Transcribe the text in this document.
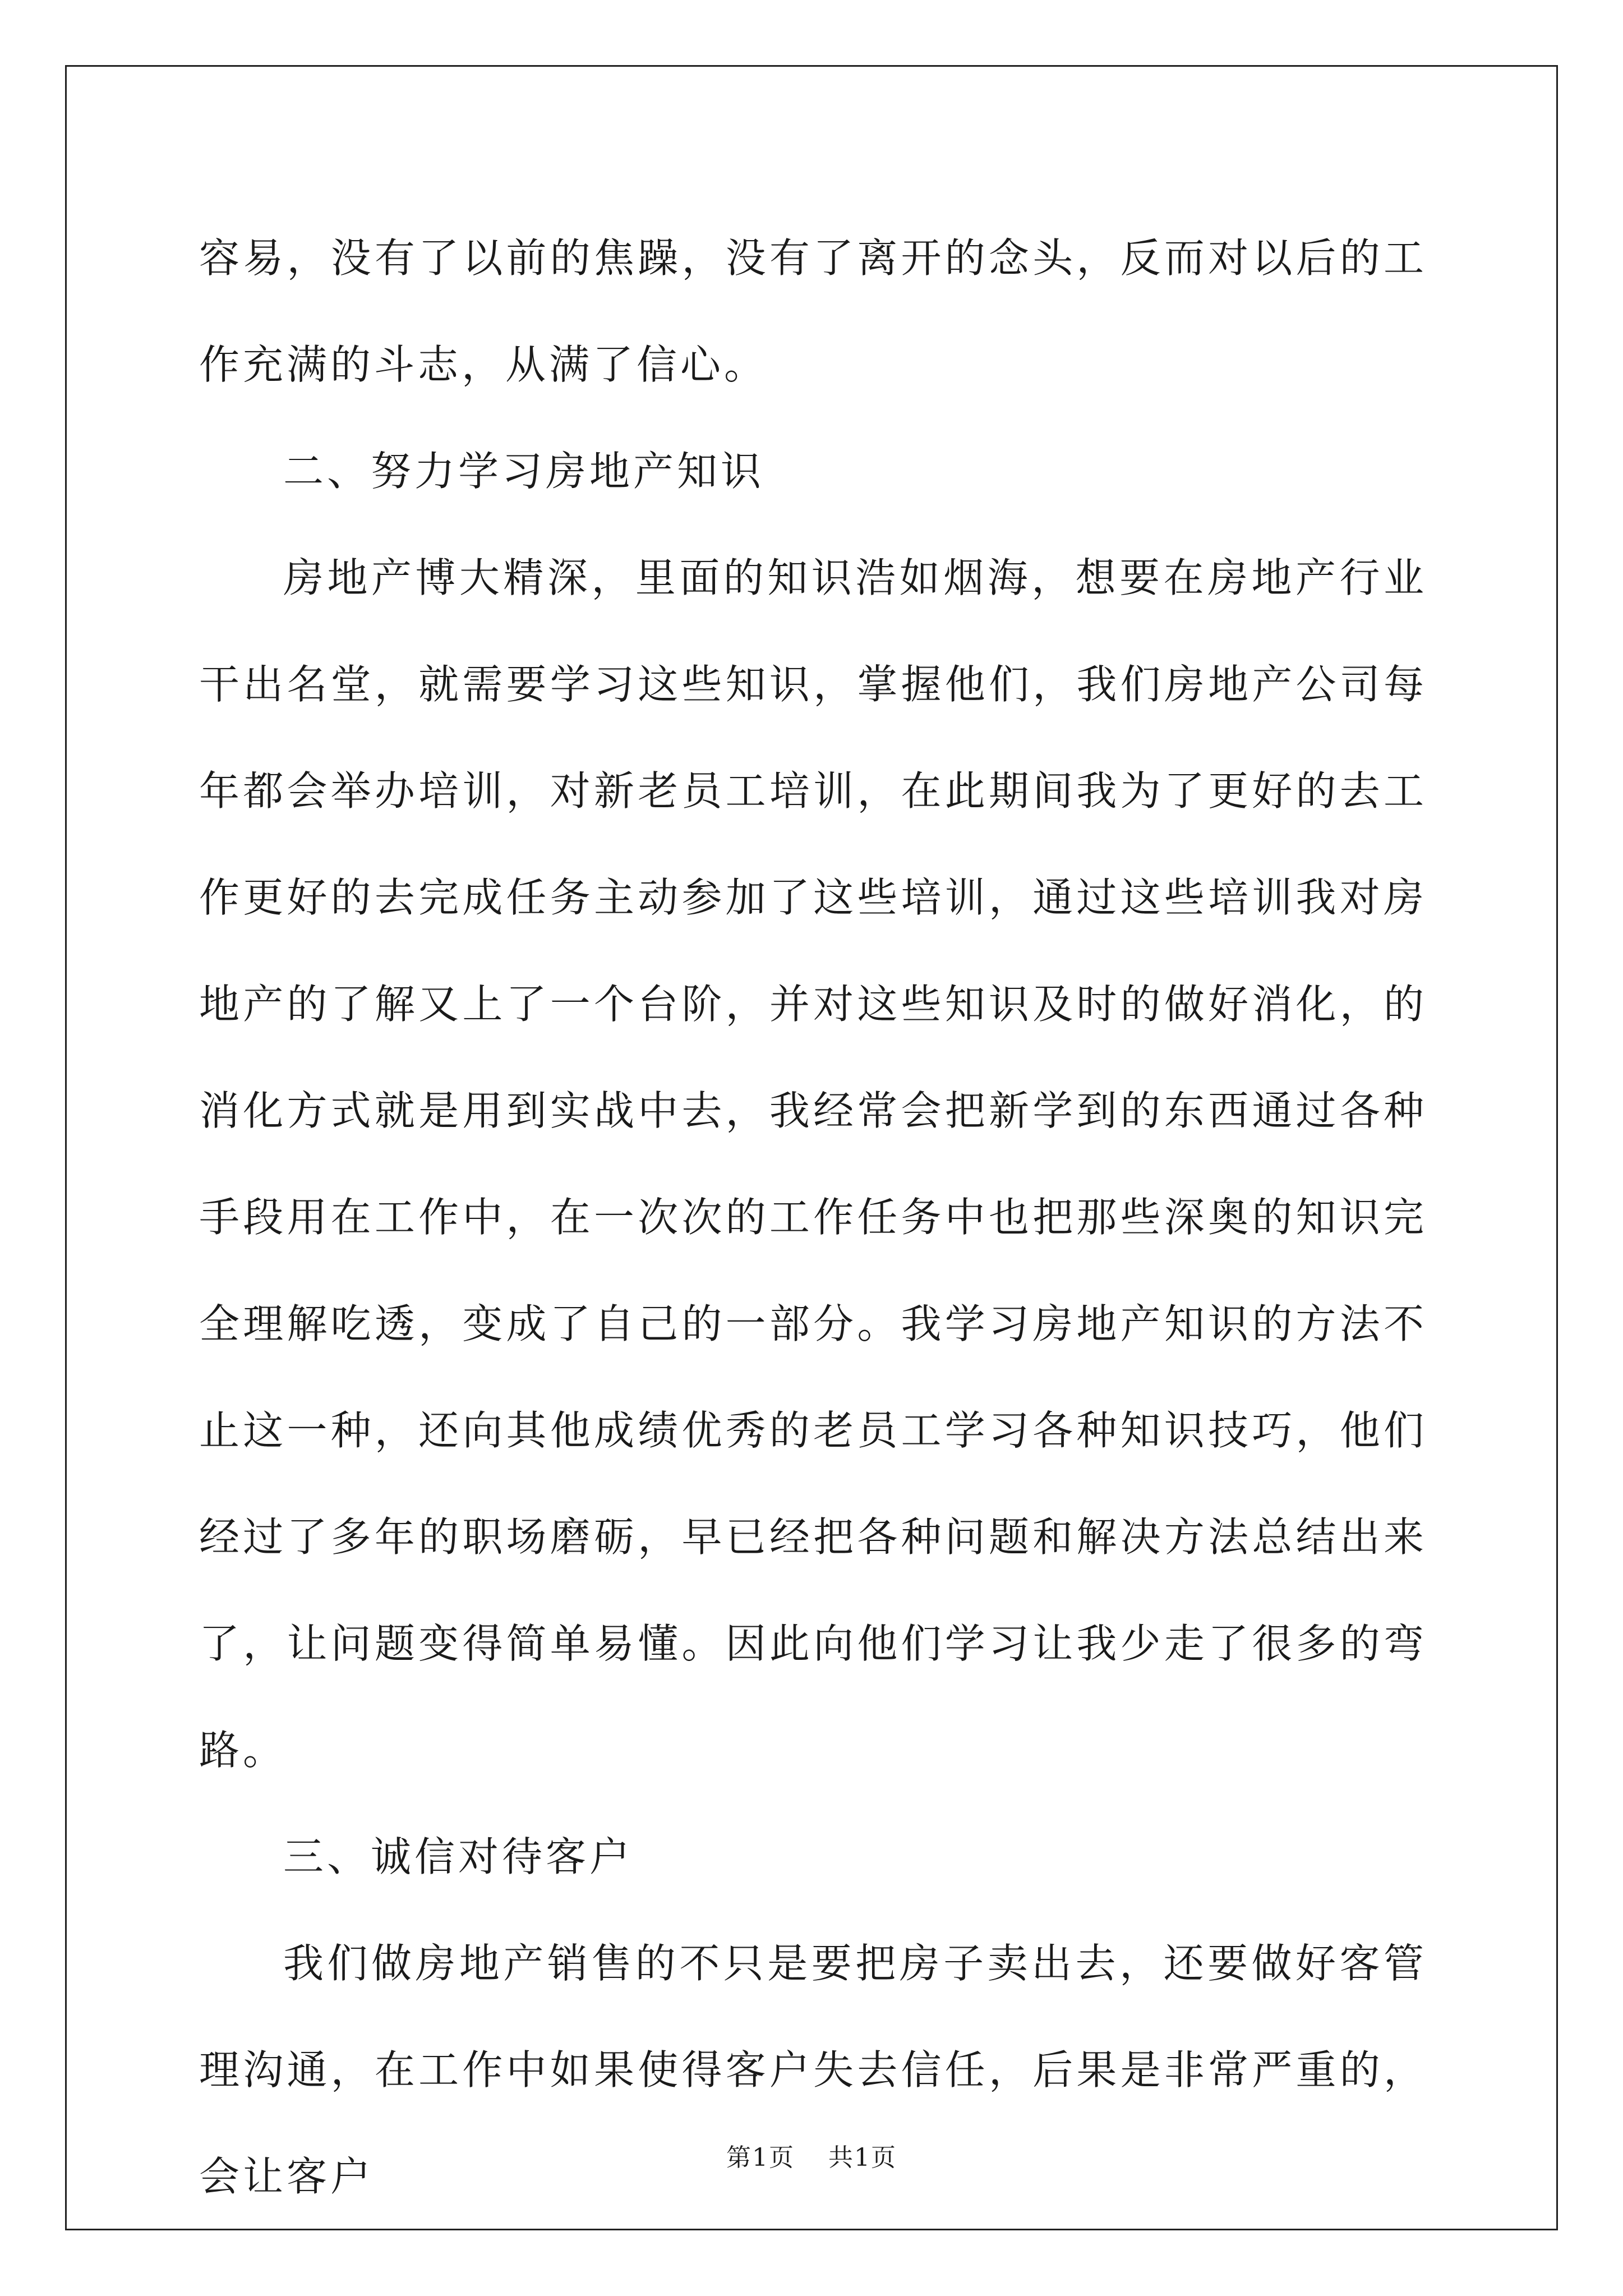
容易，没有了以前的焦躁，没有了离开的念头，反而对以后的工作充满的斗志，从满了信心。

二、努力学习房地产知识

房地产博大精深，里面的知识浩如烟海，想要在房地产行业干出名堂，就需要学习这些知识，掌握他们，我们房地产公司每年都会举办培训，对新老员工培训，在此期间我为了更好的去工作更好的去完成任务主动参加了这些培训，通过这些培训我对房地产的了解又上了一个台阶，并对这些知识及时的做好消化，的消化方式就是用到实战中去，我经常会把新学到的东西通过各种手段用在工作中，在一次次的工作任务中也把那些深奥的知识完全理解吃透，变成了自己的一部分。我学习房地产知识的方法不止这一种，还向其他成绩优秀的老员工学习各种知识技巧，他们经过了多年的职场磨砺，早已经把各种问题和解决方法总结出来了，让问题变得简单易懂。因此向他们学习让我少走了很多的弯路。

三、诚信对待客户

我们做房地产销售的不只是要把房子卖出去，还要做好客管理沟通，在工作中如果使得客户失去信任，后果是非常严重的，会让客户	第1页 共1页
